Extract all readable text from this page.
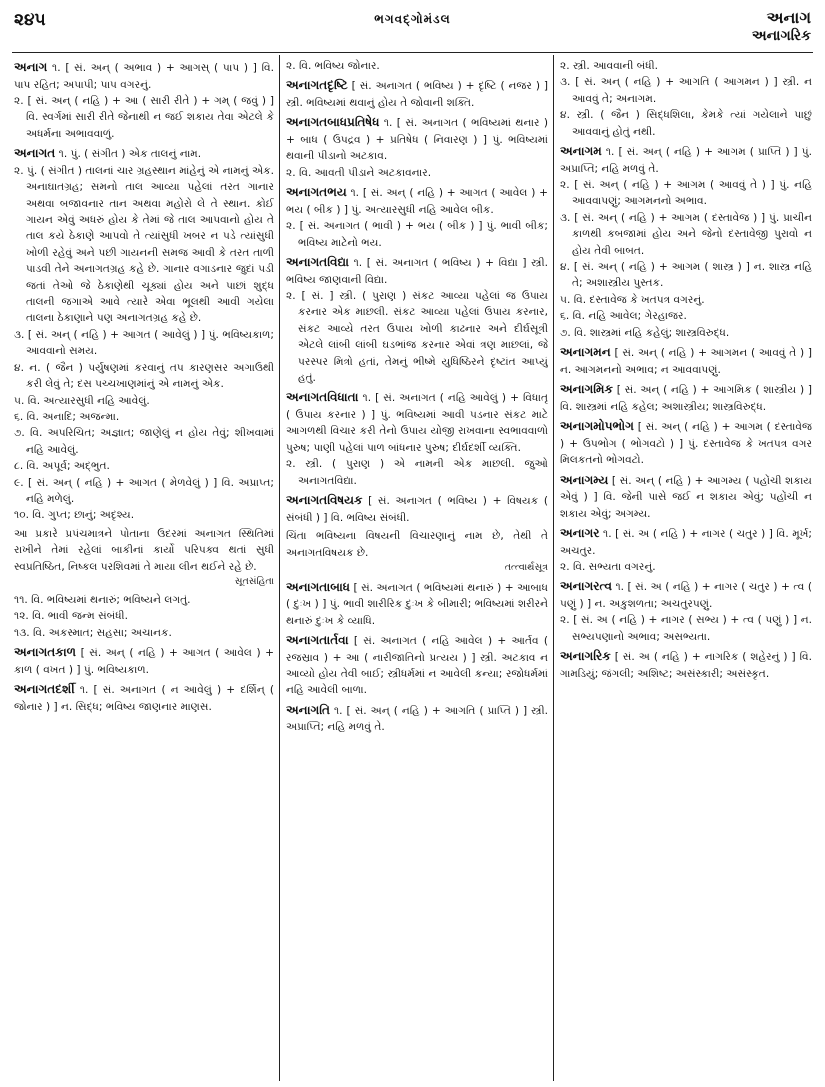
૨૪૫	ભગવદ્ગોમંડલ	અનાગ
અનાગરિક

અનાગ ૧. [ સં. અન્ ( અભાવ ) + આગસ્ ( પાપ ) ] વિ. પાપ રહિત; અપાપી; પાપ વગરનું.

૨. [ સં. અન્ ( નહિ ) + આ ( સારી રીતે ) + ગમ્ ( જવું ) ] વિ. સ્વર્ગમાં સારી રીતે જેનાથી ન જઈ શકાય તેવા એટલે કે અધર્મના અભાવવાળું.

અનાગત ૧. પું. ( સંગીત ) એક તાલનું નામ.

૨. પું. ( સંગીત ) તાલનાં ચાર ગ્રહસ્થાન માંહેનું એ નામનું એક. અનાઘાતગ્રહ; સમનો તાલ આવ્યા પહેલાં તરત ગાનાર અથવા બજાવનાર તાન અથવા મહોરો લે તે સ્થાન. કોઈ ગાયન એવું અધરું હોય કે તેમાં જે તાલ આપવાનો હોય તે તાલ કયે ઠેકાણે આપવો તે ત્યાંસુધી ખબર ન પડે ત્યાંસુધી ખોળી રહેવું અને પછી ગાયનની સમજ આવી કે તરત તાળી પાડવી તેને અનાગતગ્રહ કહે છે. ગાનાર વગાડનાર જુદાં પડી જતાં તેઓ જે ઠેકાણેથી ચૂક્યાં હોય અને પાછાં શુદ્ધ તાલની જગાએ આવે ત્યારે એવા ભૂલથી આવી ગયેલા તાલના ઠેકાણાને પણ અનાગતગ્રહ કહે છે.

૩. [ સં. અન્ ( નહિ ) + આગત ( આવેલું ) ] પું. ભવિષ્યકાળ; આવવાનો સમય.

૪. ન. ( જૈન ) પર્યુષણમાં કરવાનું તપ કારણસર અગાઉથી કરી લેવું તે; દસ પચ્ચખાણમાંનું એ નામનું એક.

૫. વિ. અત્યારસુધી નહિ આવેલું.

૬. વિ. અનાદિ; અજન્મા.

૭. વિ. અપરિચિત; અજ્ઞાત; જાણેલું ન હોય તેવું; શીખવામાં નહિ આવેલું.

૮. વિ. અપૂર્વ; અદ્ભુત.

૯. [ સં. અન્ ( નહિ ) + આગત ( મેળવેલું ) ] વિ. અપ્રાપ્ત; નહિ મળેલું.

૧૦. વિ. ગુપ્ત; છાનું; અદૃશ્ય.

આ પ્રકારે પ્રપંચમાત્રને પોતાના ઉદરમાં અનાગત સ્થિતિમાં રાખીને તેમાં રહેલાં બાકીનાં કાર્યો પરિપક્વ થતાં સુધી સ્વપ્રતિષ્ઠિત, નિષ્કલ પરશિવમાં તે માયા લીન થઈને રહે છે.

સૂતસંહિતા

૧૧. વિ. ભવિષ્યમાં થનારું; ભવિષ્યને લગતું.

૧૨. વિ. ભાવી જન્મ સંબંધી.

૧૩. વિ. અકસ્માત; સહસા; અચાનક.

અનાગતકાળ [ સં. અન્ ( નહિ ) + આગત ( આવેલ ) + કાળ ( વખત ) ] પું. ભવિષ્યકાળ.

અનાગતદર્શી ૧. [ સં. અનાગત ( ન આવેલું ) + દર્શિન્ ( જોનાર ) ] ન. સિદ્ધ; ભવિષ્ય જાણનાર માણસ.

૨. વિ. ભવિષ્ય જોનાર.

અનાગતદૃષ્ટિ [ સં. અનાગત ( ભવિષ્ય ) + દૃષ્ટિ ( નજર ) ] સ્ત્રી. ભવિષ્યમાં થવાનું હોય તે જોવાની શક્તિ.

અનાગતબાધપ્રતિષેધ ૧. [ સં. અનાગત ( ભવિષ્યમાં થનાર ) + બાધ ( ઉપદ્રવ ) + પ્રતિષેધ ( નિવારણ ) ] પું. ભવિષ્યમાં થવાની પીડાનો અટકાવ.

૨. વિ. આવતી પીડાને અટકાવનાર.

અનાગતભય ૧. [ સં. અન્ ( નહિ ) + આગત ( આવેલ ) + ભય ( બીક ) ] પું. અત્યારસુધી નહિ આવેલ બીક.

૨. [ સં. અનાગત ( ભાવી ) + ભય ( બીક ) ] પું. ભાવી બીક; ભવિષ્ય માટેનો ભય.

અનાગતવિદ્યા ૧. [ સં. અનાગત ( ભવિષ્ય ) + વિદ્યા ] સ્ત્રી. ભવિષ્ય જાણવાની વિદ્યા.

૨. [ સં. ] સ્ત્રી. ( પુરાણ ) સંકટ આવ્યા પહેલાં જ ઉપાય કરનાર એક માછલી. સંકટ આવ્યા પહેલાં ઉપાય કરનાર, સંકટ આવ્યે તરત ઉપાય ખોળી કાઢનાર અને દીર્ઘસૂત્રી એટલે લાંબી લાંબી ઘડભાંજ કરનાર એવાં ત્રણ માછલાં, જે પરસ્પર મિત્રો હતાં, તેમનું ભીષ્મે યુધિષ્ઠિરને દૃષ્ટાંત આપ્યું હતું.

અનાગતવિધાતા ૧. [ સં. અનાગત ( નહિ આવેલું ) + વિધાતૃ ( ઉપાય કરનાર ) ] પું. ભવિષ્યમાં આવી પડનાર સંકટ માટે આગળથી વિચાર કરી તેનો ઉપાય યોજી રાખવાના સ્વભાવવાળો પુરુષ; પાણી પહેલાં પાળ બાંધનાર પુરુષ; દીર્ઘદર્શી વ્યક્તિ.

૨. સ્ત્રી. ( પુરાણ ) એ નામની એક માછલી. જુઓ અનાગતવિદ્યા.

અનાગતવિષયક [ સં. અનાગત ( ભવિષ્ય ) + વિષયક ( સંબંધી ) ] વિ. ભવિષ્ય સંબંધી.

ચિંતા ભવિષ્યના વિષયની વિચારણાનું નામ છે, તેથી તે અનાગતવિષયક છે.

તત્ત્વાર્થસૂત્ર

અનાગતાબાધ [ સં. અનાગત ( ભવિષ્યમાં થનારું ) + આબાધ ( દુઃખ ) ] પું. ભાવી શારીરિક દુઃખ કે બીમારી; ભવિષ્યમાં શરીરને થનારું દુઃખ કે વ્યાધિ.

અનાગતાર્તવા [ સં. અનાગત ( નહિ આવેલ ) + આર્તવ ( રજસ્રાવ ) + આ ( નારીજાતિનો પ્રત્યય ) ] સ્ત્રી. અટકાવ ન આવ્યો હોય તેવી બાઈ; સ્ત્રીધર્મમાં ન આવેલી કન્યા; રજોધર્મમાં નહિ આવેલી બાળા.

અનાગતિ ૧. [ સં. અન્ ( નહિ ) + આગતિ ( પ્રાપ્તિ ) ] સ્ત્રી. અપ્રાપ્તિ; નહિ મળવું તે.

૨. સ્ત્રી. આવવાની બંધી.

૩. [ સં. અન્ ( નહિ ) + આગતિ ( આગમન ) ] સ્ત્રી. ન આવવું તે; અનાગમ.

૪. સ્ત્રી. ( જૈન ) સિદ્ધશિલા, કેમકે ત્યાં ગયેલાને પાછું આવવાનું હોતું નથી.

અનાગમ ૧. [ સં. અન્ ( નહિ ) + આગમ ( પ્રાપ્તિ ) ] પું. અપ્રાપ્તિ; નહિ મળવું તે.

૨. [ સં. અન્ ( નહિ ) + આગમ ( આવવું તે ) ] પું. નહિ આવવાપણું; આગમનનો અભાવ.

૩. [ સં. અન્ ( નહિ ) + આગમ ( દસ્તાવેજ ) ] પું. પ્રાચીન કાળથી કબજામાં હોય અને જેનો દસ્તાવેજી પુરાવો ન હોય તેવી બાબત.

૪. [ સં. અન્ ( નહિ ) + આગમ ( શાસ્ત્ર ) ] ન. શાસ્ત્ર નહિ તે; અશાસ્ત્રીય પુસ્તક.

૫. વિ. દસ્તાવેજ કે ખતપત્ર વગરનું.

૬. વિ. નહિ આવેલ; ગેરહાજર.

૭. વિ. શાસ્ત્રમાં નહિ કહેલું; શાસ્ત્રવિરુદ્ધ.

અનાગમન [ સં. અન્ ( નહિ ) + આગમન ( આવવું તે ) ] ન. આગમનનો અભાવ; ન આવવાપણું.

અનાગમિક [ સં. અન્ ( નહિ ) + આગમિક ( શાસ્ત્રીય ) ] વિ. શાસ્ત્રમાં નહિ કહેલ; અશાસ્ત્રીય; શાસ્ત્રવિરુદ્ધ.

અનાગમોપભોગ [ સં. અન્ ( નહિ ) + આગમ ( દસ્તાવેજ ) + ઉપભોગ ( ભોગવટો ) ] પું. દસ્તાવેજ કે ખતપત્ર વગર મિલકતનો ભોગવટો.

અનાગમ્ય [ સં. અન્ ( નહિ ) + આગમ્ય ( પહોંચી શકાય એવું ) ] વિ. જેની પાસે જઈ ન શકાય એવું; પહોંચી ન શકાય એવું; અગમ્ય.

અનાગર ૧. [ સં. અ ( નહિ ) + નાગર ( ચતુર ) ] વિ. મૂર્ખ; અચતુર.

૨. વિ. સભ્યતા વગરનું.

અનાગરત્વ ૧. [ સં. અ ( નહિ ) + નાગર ( ચતુર ) + ત્વ ( પણું ) ] ન. અકુશળતા; અચતુરપણું.

૨. [ સં. અ ( નહિ ) + નાગર ( સભ્ય ) + ત્વ ( પણું ) ] ન. સભ્યપણાનો અભાવ; અસભ્યતા.

અનાગરિક [ સં. અ ( નહિ ) + નાગરિક ( શહેરનું ) ] વિ. ગામડિયું; જંગલી; અશિષ્ટ; અસંસ્કારી; અસંસ્કૃત.
